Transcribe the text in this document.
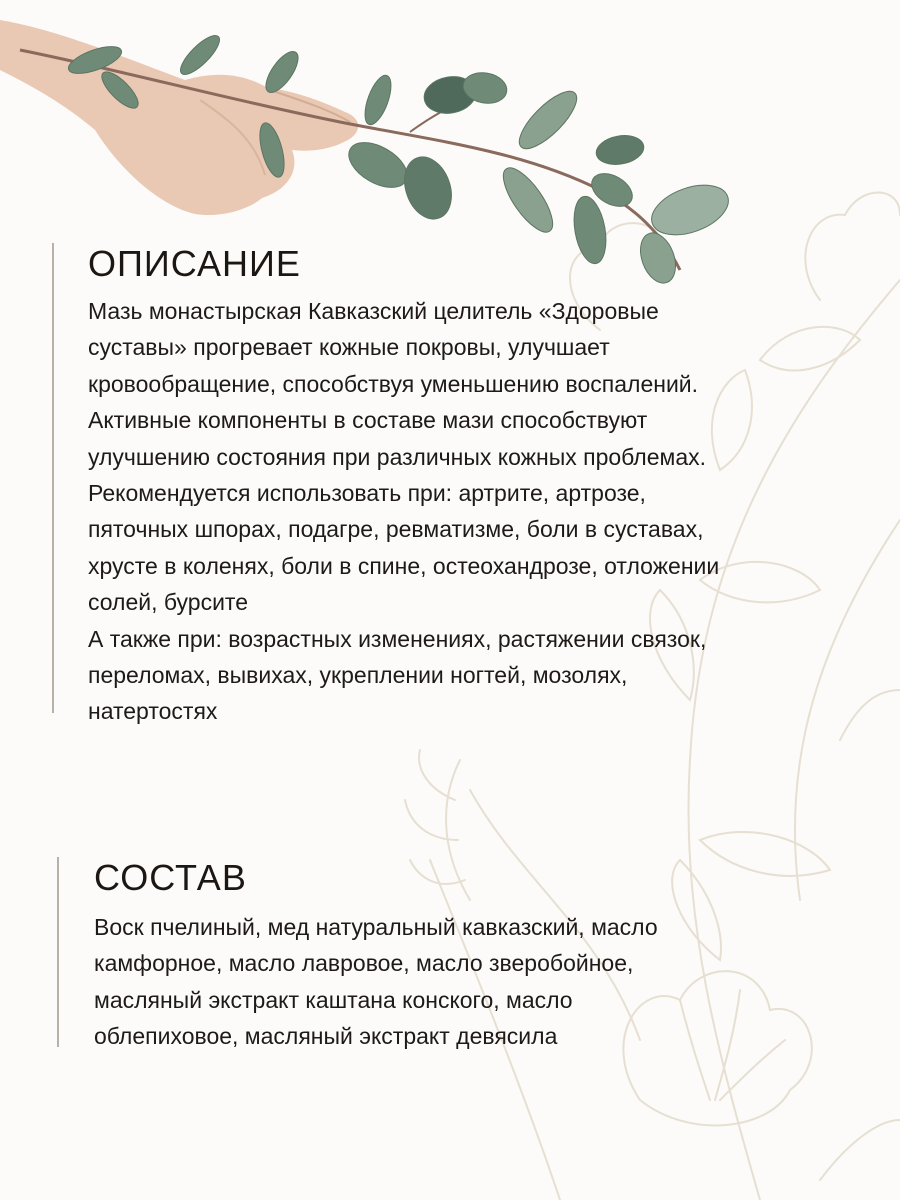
ОПИСАНИЕ

Мазь монастырская Кавказский целитель «Здоровые
суставы» прогревает кожные покровы, улучшает
кровообращение, способствуя уменьшению воспалений.
Активные компоненты в составе мази способствуют
улучшению состояния при различных кожных проблемах.
Рекомендуется использовать при: артрите, артрозе,
пяточных шпорах, подагре, ревматизме, боли в суставах,
хрусте в коленях, боли в спине, остеохандрозе, отложении
солей, бурсите
А также при: возрастных изменениях, растяжении связок,
переломах, вывихах, укреплении ногтей, мозолях,
натертостях

СОСТАВ

Воск пчелиный, мед натуральный кавказский, масло
камфорное, масло лавровое, масло зверобойное,
масляный экстракт каштана конского, масло
облепиховое, масляный экстракт девясила
